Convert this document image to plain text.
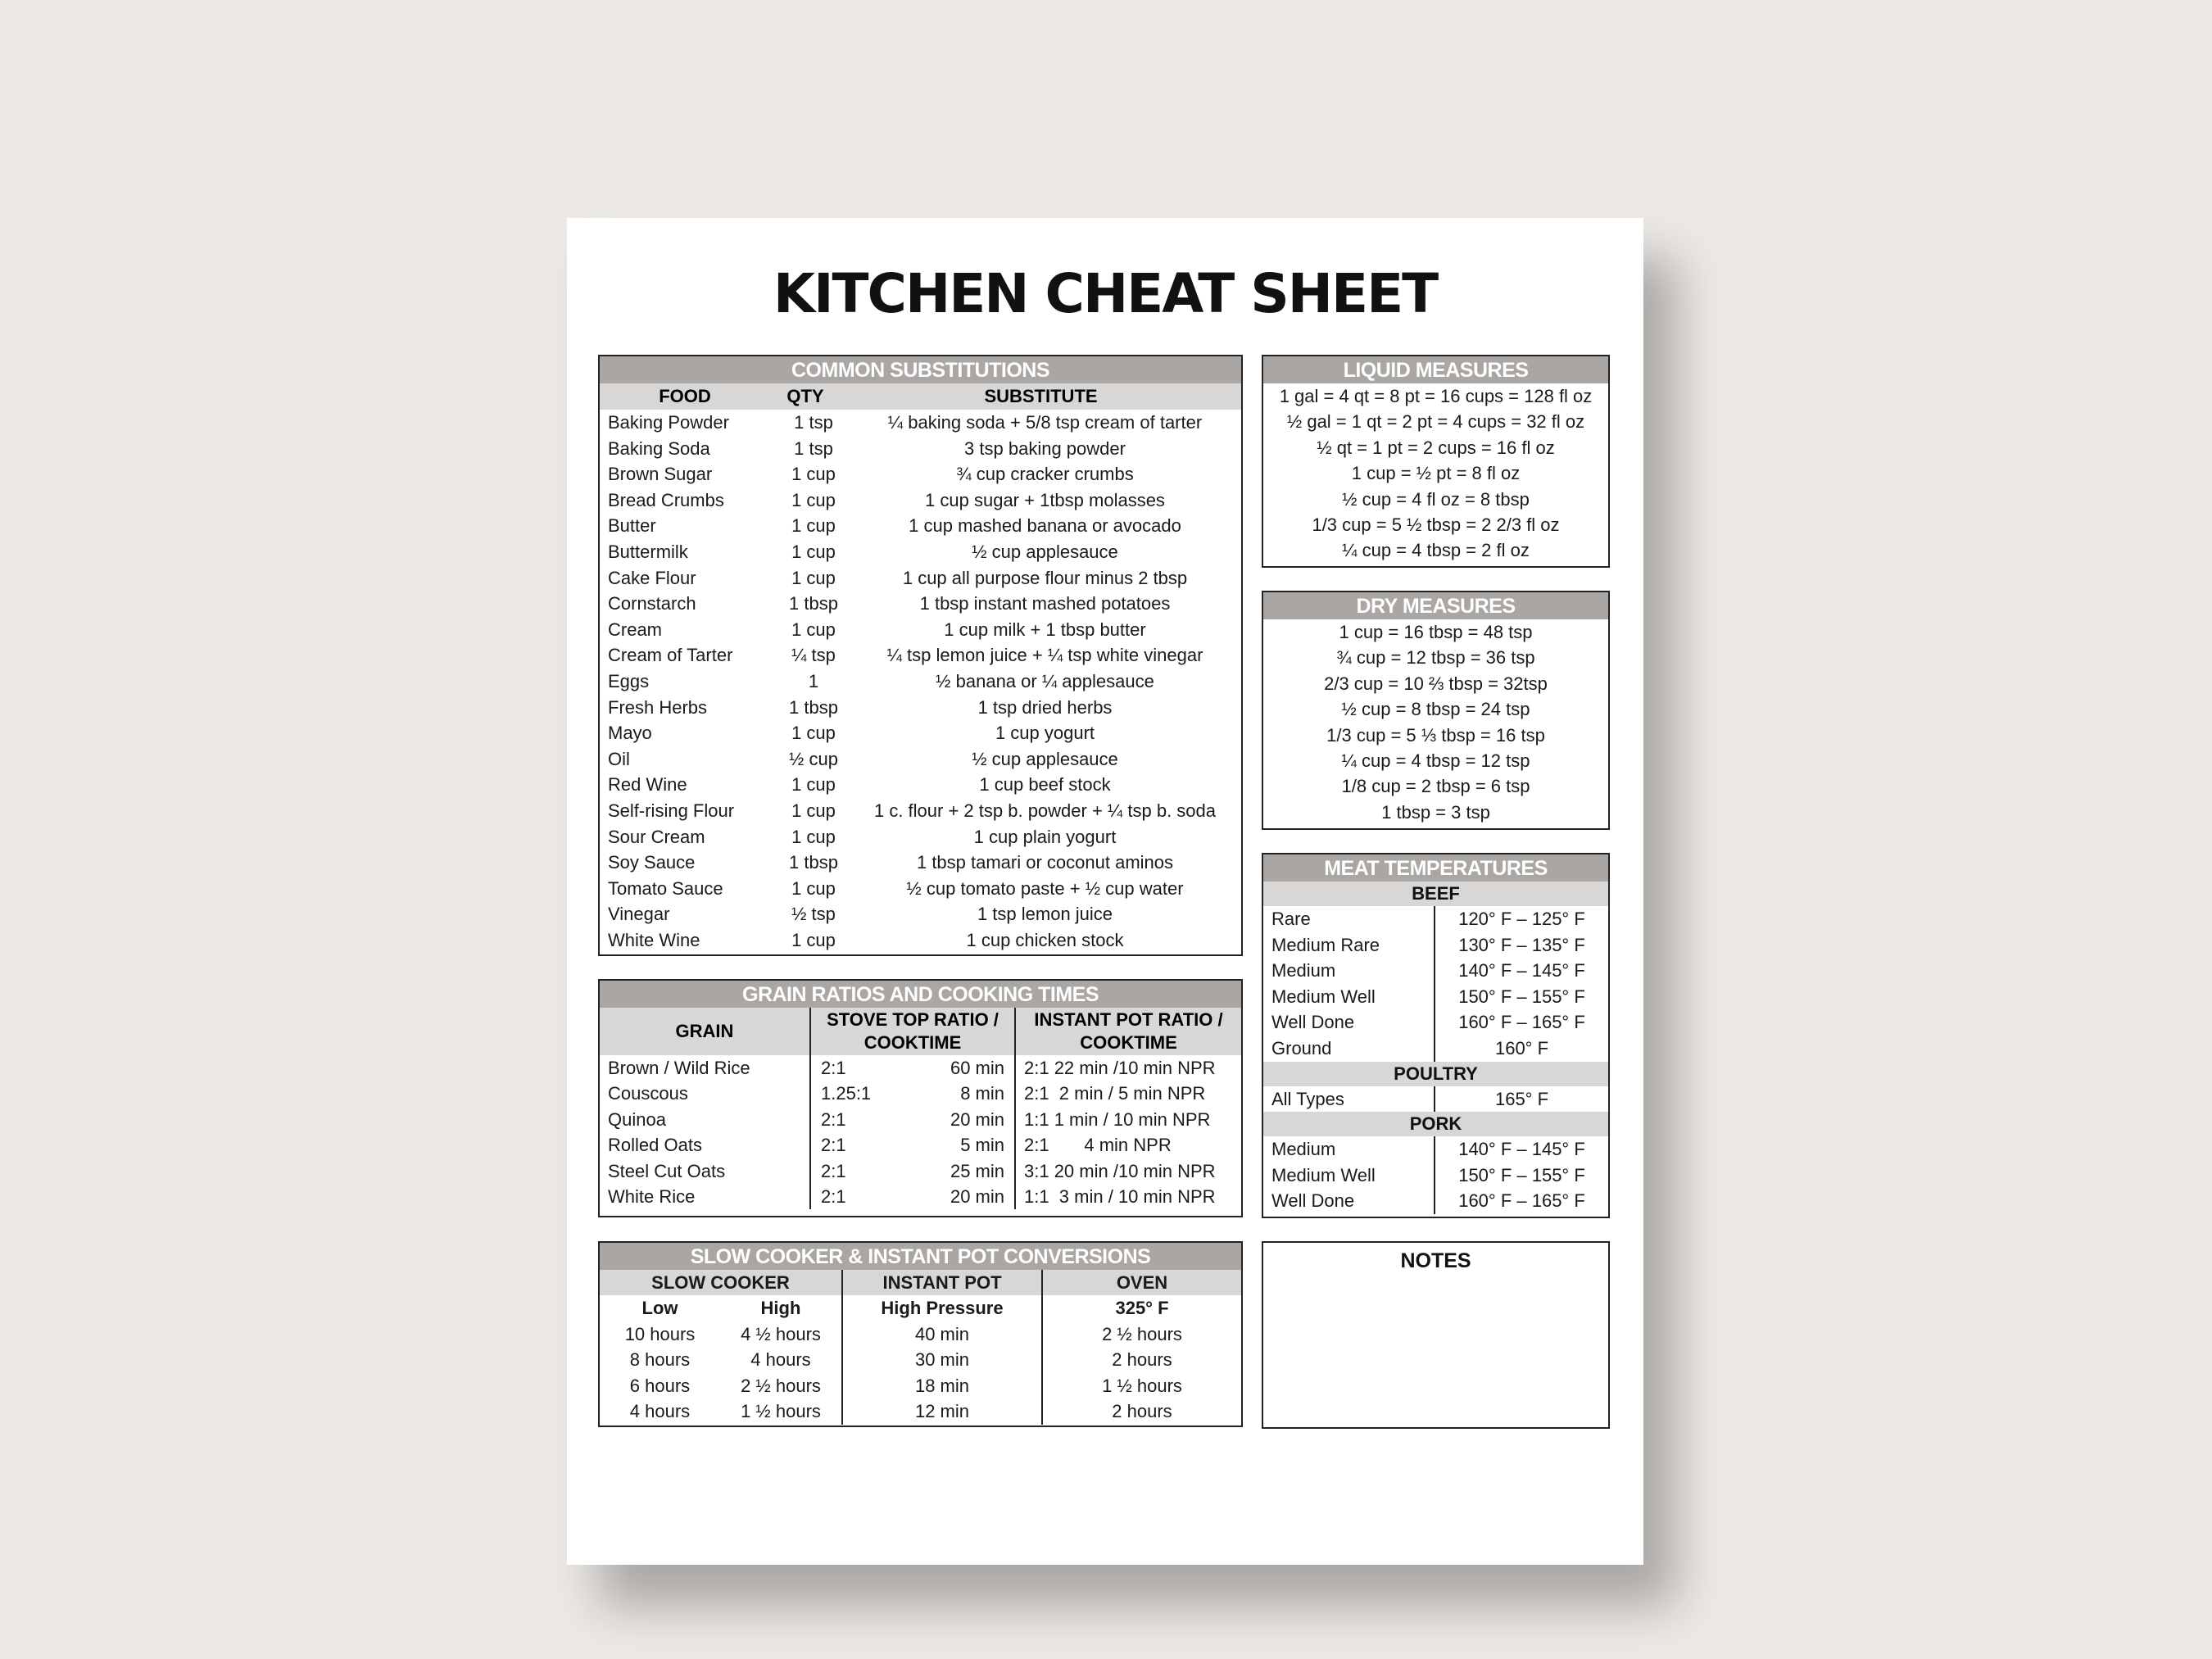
KITCHEN CHEAT SHEET
COMMON SUBSTITUTIONS
FOOD	QTY	SUBSTITUTE
Baking Powder	1 tsp	¼ baking soda + 5/8 tsp cream of tarter
Baking Soda	1 tsp	3 tsp baking powder
Brown Sugar	1 cup	¾ cup cracker crumbs
Bread Crumbs	1 cup	1 cup sugar + 1tbsp molasses
Butter	1 cup	1 cup mashed banana or avocado
Buttermilk	1 cup	½ cup applesauce
Cake Flour	1 cup	1 cup all purpose flour minus 2 tbsp
Cornstarch	1 tbsp	1 tbsp instant mashed potatoes
Cream	1 cup	1 cup milk + 1 tbsp butter
Cream of Tarter	¼ tsp	¼ tsp lemon juice + ¼ tsp white vinegar
Eggs	1	½ banana or ¼ applesauce
Fresh Herbs	1 tbsp	1 tsp dried herbs
Mayo	1 cup	1 cup yogurt
Oil	½ cup	½ cup applesauce
Red Wine	1 cup	1 cup beef stock
Self-rising Flour	1 cup	1 c. flour + 2 tsp b. powder + ¼ tsp b. soda
Sour Cream	1 cup	1 cup plain yogurt
Soy Sauce	1 tbsp	1 tbsp tamari or coconut aminos
Tomato Sauce	1 cup	½ cup tomato paste + ½ cup water
Vinegar	½ tsp	1 tsp lemon juice
White Wine	1 cup	1 cup chicken stock
GRAIN RATIOS AND COOKING TIMES
GRAIN
STOVE TOP RATIO /
COOKTIME
INSTANT POT RATIO /
COOKTIME
Brown / Wild Rice	2:1	60 min	2:1 22 min /10 min NPR
Couscous	1.25:1	8 min	2:1  2 min / 5 min NPR
Quinoa	2:1	20 min	1:1 1 min / 10 min NPR
Rolled Oats	2:1	5 min	2:1       4 min NPR
Steel Cut Oats	2:1	25 min	3:1 20 min /10 min NPR
White Rice	2:1	20 min	1:1  3 min / 10 min NPR
SLOW COOKER & INSTANT POT CONVERSIONS
SLOW COOKER	INSTANT POT	OVEN
Low	High	High Pressure	325° F
10 hours	4 ½ hours	40 min	2 ½ hours
8 hours	4 hours	30 min	2 hours
6 hours	2 ½ hours	18 min	1 ½ hours
4 hours	1 ½ hours	12 min	2 hours
LIQUID MEASURES
1 gal = 4 qt = 8 pt = 16 cups = 128 fl oz
½ gal = 1 qt = 2 pt = 4 cups = 32 fl oz
½ qt = 1 pt = 2 cups = 16 fl oz
1 cup = ½ pt = 8 fl oz
½ cup = 4 fl oz = 8 tbsp
1/3 cup = 5 ½ tbsp = 2 2/3 fl oz
¼ cup = 4 tbsp = 2 fl oz
DRY MEASURES
1 cup = 16 tbsp = 48 tsp
¾ cup = 12 tbsp = 36 tsp
2/3 cup = 10 ⅔ tbsp = 32tsp
½ cup = 8 tbsp = 24 tsp
1/3 cup = 5 ⅓ tbsp = 16 tsp
¼ cup = 4 tbsp = 12 tsp
1/8 cup = 2 tbsp = 6 tsp
1 tbsp = 3 tsp
MEAT TEMPERATURES
BEEF
Rare	120° F – 125° F
Medium Rare	130° F – 135° F
Medium	140° F – 145° F
Medium Well	150° F – 155° F
Well Done	160° F – 165° F
Ground	160° F
POULTRY
All Types	165° F
PORK
Medium	140° F – 145° F
Medium Well	150° F – 155° F
Well Done	160° F – 165° F
NOTES
